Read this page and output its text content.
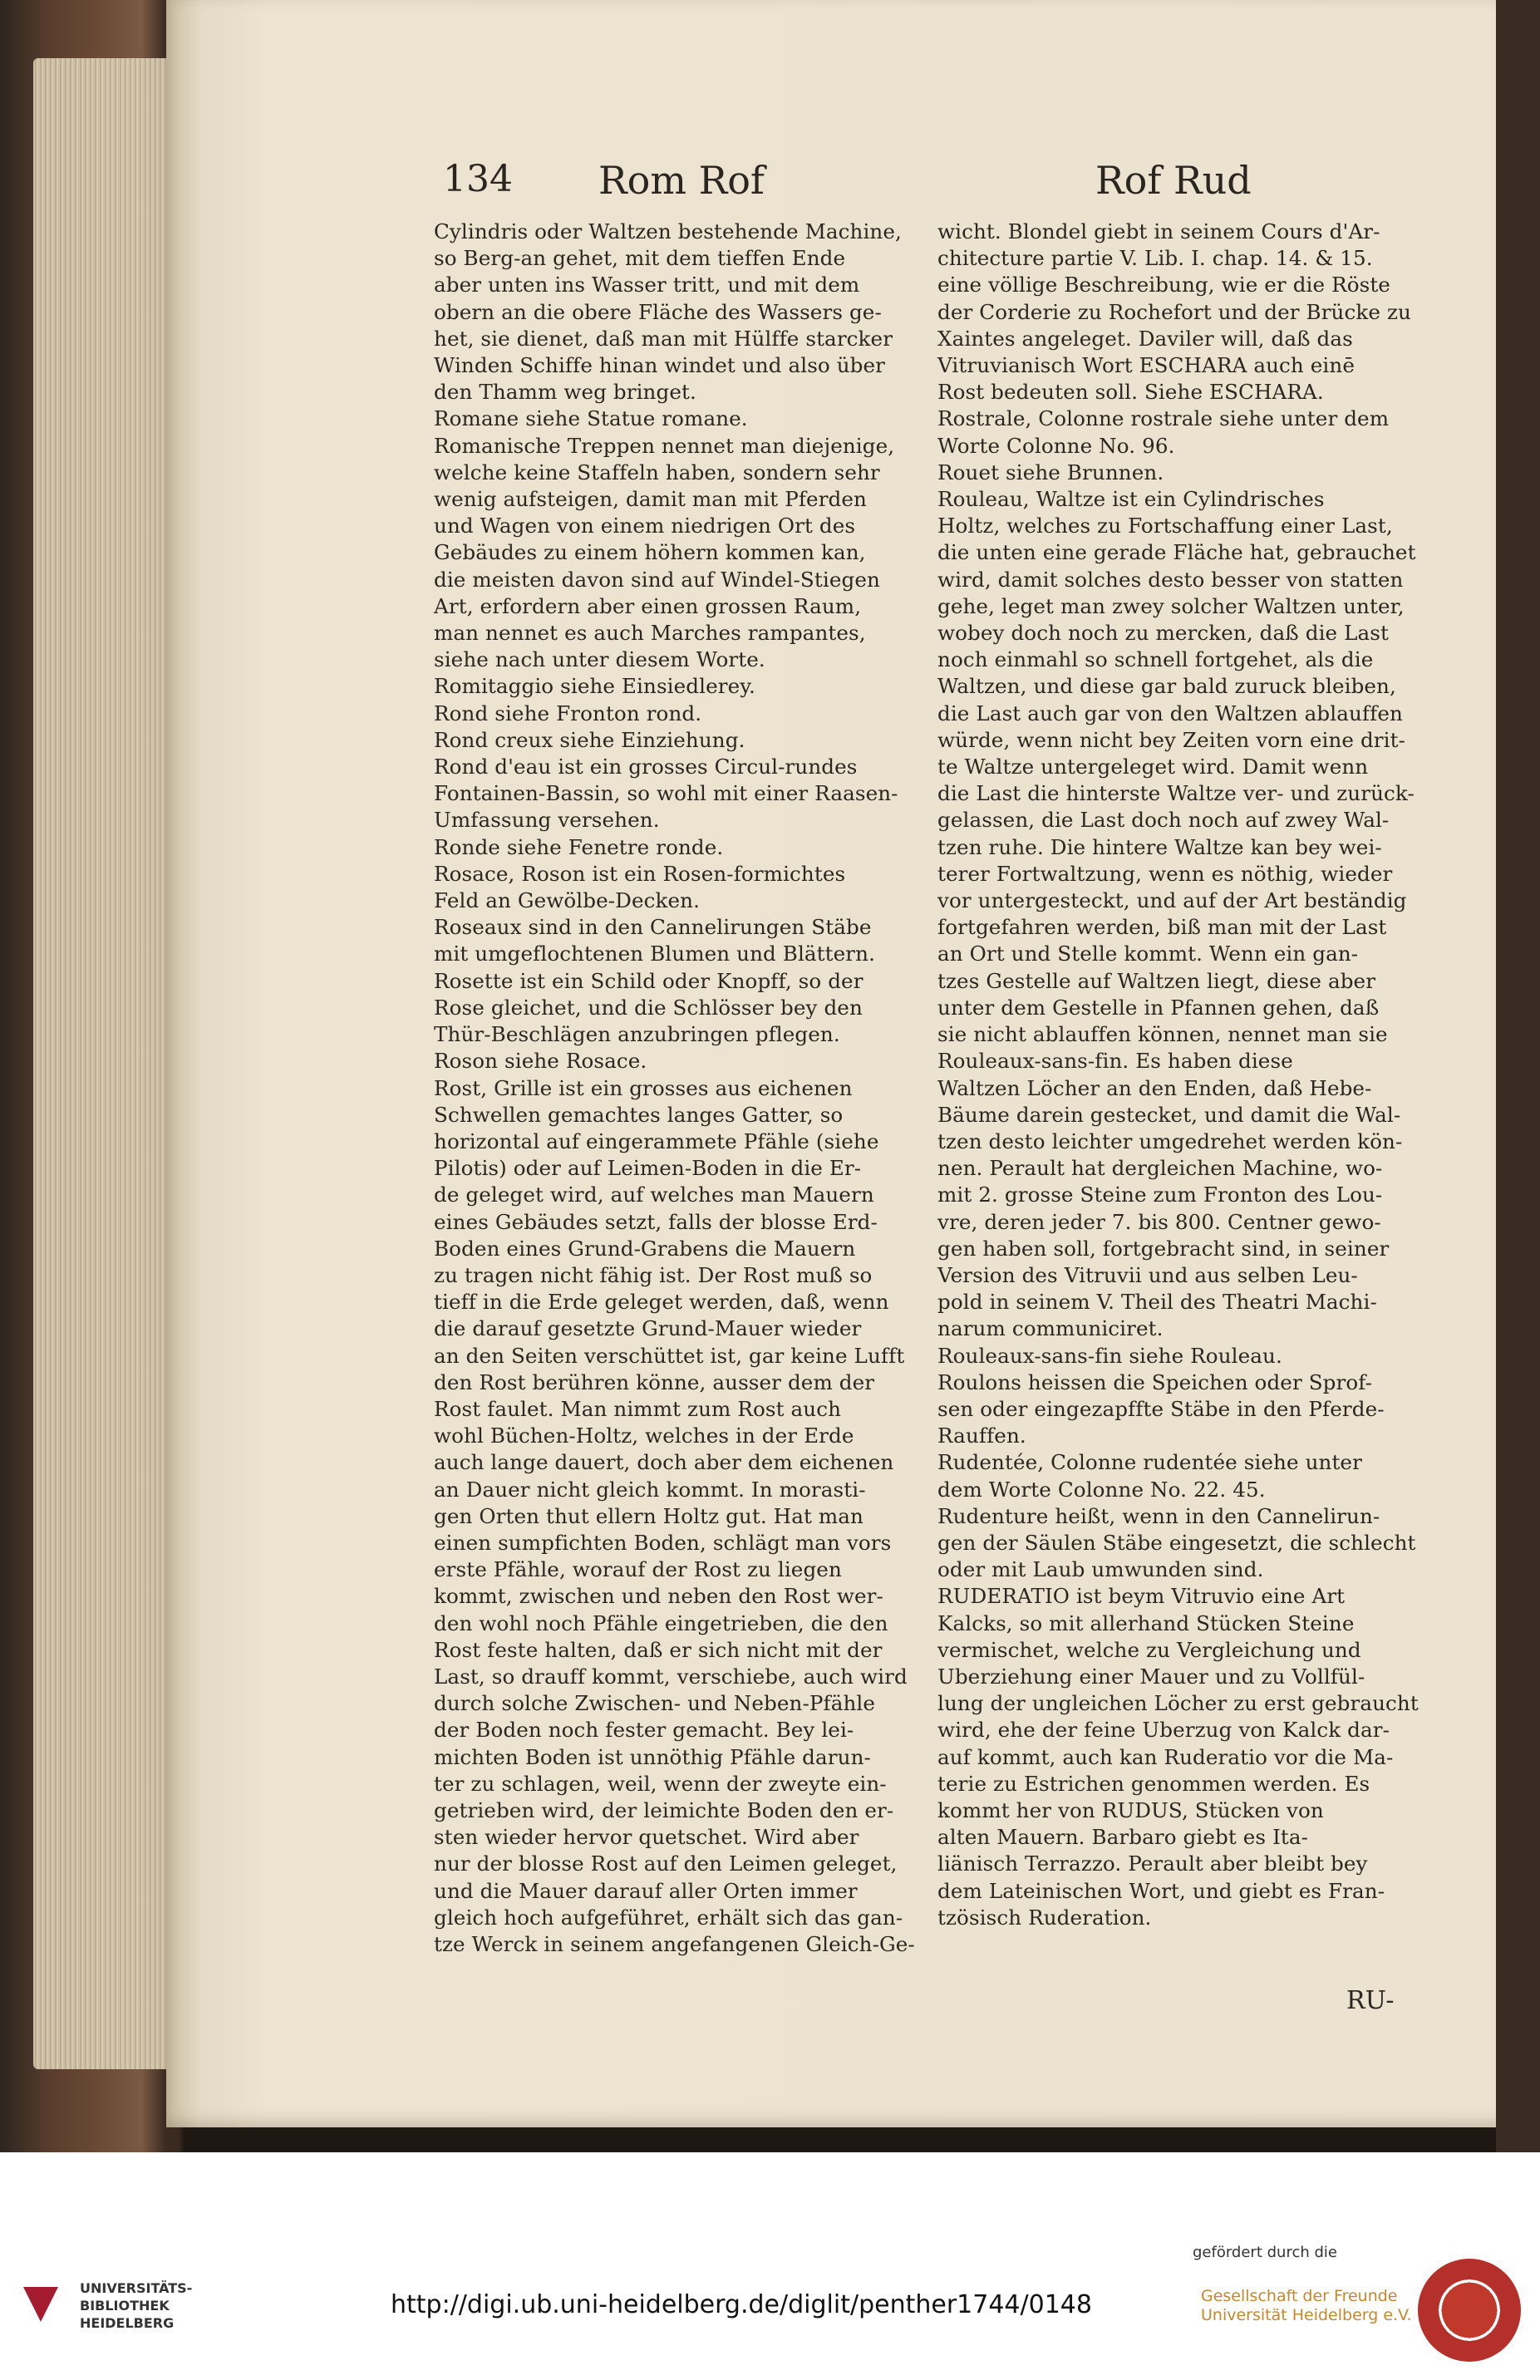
134 Rom Rof	Rof Rud

Cylindris oder Waltzen bestehende Machine,

so Berg-an gehet, mit dem tieffen Ende

aber unten ins Wasser tritt, und mit dem

obern an die obere Fläche des Wassers ge-

het, sie dienet, daß man mit Hülffe starcker

Winden Schiffe hinan windet und also über

den Thamm weg bringet.

Romane siehe Statue romane.

Romanische Treppen nennet man diejenige,

welche keine Staffeln haben, sondern sehr

wenig aufsteigen, damit man mit Pferden

und Wagen von einem niedrigen Ort des

Gebäudes zu einem höhern kommen kan,

die meisten davon sind auf Windel-Stiegen

Art, erfordern aber einen grossen Raum,

man nennet es auch Marches rampantes,

siehe nach unter diesem Worte.

Romitaggio siehe Einsiedlerey.

Rond siehe Fronton rond.

Rond creux siehe Einziehung.

Rond d'eau ist ein grosses Circul-rundes

Fontainen-Bassin, so wohl mit einer Raasen-

Umfassung versehen.

Ronde siehe Fenetre ronde.

Rosace, Roson ist ein Rosen-formichtes

Feld an Gewölbe-Decken.

Roseaux sind in den Cannelirungen Stäbe

mit umgeflochtenen Blumen und Blättern.

Rosette ist ein Schild oder Knopff, so der

Rose gleichet, und die Schlösser bey den

Thür-Beschlägen anzubringen pflegen.

Roson siehe Rosace.

Rost, Grille ist ein grosses aus eichenen

Schwellen gemachtes langes Gatter, so

horizontal auf eingerammete Pfähle (siehe

Pilotis) oder auf Leimen-Boden in die Er-

de geleget wird, auf welches man Mauern

eines Gebäudes setzt, falls der blosse Erd-

Boden eines Grund-Grabens die Mauern

zu tragen nicht fähig ist. Der Rost muß so

tieff in die Erde geleget werden, daß, wenn

die darauf gesetzte Grund-Mauer wieder

an den Seiten verschüttet ist, gar keine Lufft

den Rost berühren könne, ausser dem der

Rost faulet. Man nimmt zum Rost auch

wohl Büchen-Holtz, welches in der Erde

auch lange dauert, doch aber dem eichenen

an Dauer nicht gleich kommt. In morasti-

gen Orten thut ellern Holtz gut. Hat man

einen sumpfichten Boden, schlägt man vors

erste Pfähle, worauf der Rost zu liegen

kommt, zwischen und neben den Rost wer-

den wohl noch Pfähle eingetrieben, die den

Rost feste halten, daß er sich nicht mit der

Last, so drauff kommt, verschiebe, auch wird

durch solche Zwischen- und Neben-Pfähle

der Boden noch fester gemacht. Bey lei-

michten Boden ist unnöthig Pfähle darun-

ter zu schlagen, weil, wenn der zweyte ein-

getrieben wird, der leimichte Boden den er-

sten wieder hervor quetschet. Wird aber

nur der blosse Rost auf den Leimen geleget,

und die Mauer darauf aller Orten immer

gleich hoch aufgeführet, erhält sich das gan-

tze Werck in seinem angefangenen Gleich-Ge-

wicht. Blondel giebt in seinem Cours d'Ar-

chitecture partie V. Lib. I. chap. 14. & 15.

eine völlige Beschreibung, wie er die Röste

der Corderie zu Rochefort und der Brücke zu

Xaintes angeleget. Daviler will, daß das

Vitruvianisch Wort ESCHARA auch einē

Rost bedeuten soll. Siehe ESCHARA.

Rostrale, Colonne rostrale siehe unter dem

Worte Colonne No. 96.

Rouet siehe Brunnen.

Rouleau, Waltze ist ein Cylindrisches

Holtz, welches zu Fortschaffung einer Last,

die unten eine gerade Fläche hat, gebrauchet

wird, damit solches desto besser von statten

gehe, leget man zwey solcher Waltzen unter,

wobey doch noch zu mercken, daß die Last

noch einmahl so schnell fortgehet, als die

Waltzen, und diese gar bald zuruck bleiben,

die Last auch gar von den Waltzen ablauffen

würde, wenn nicht bey Zeiten vorn eine drit-

te Waltze untergeleget wird. Damit wenn

die Last die hinterste Waltze ver- und zurück-

gelassen, die Last doch noch auf zwey Wal-

tzen ruhe. Die hintere Waltze kan bey wei-

terer Fortwaltzung, wenn es nöthig, wieder

vor untergesteckt, und auf der Art beständig

fortgefahren werden, biß man mit der Last

an Ort und Stelle kommt. Wenn ein gan-

tzes Gestelle auf Waltzen liegt, diese aber

unter dem Gestelle in Pfannen gehen, daß

sie nicht ablauffen können, nennet man sie

Rouleaux-sans-fin. Es haben diese

Waltzen Löcher an den Enden, daß Hebe-

Bäume darein gestecket, und damit die Wal-

tzen desto leichter umgedrehet werden kön-

nen. Perault hat dergleichen Machine, wo-

mit 2. grosse Steine zum Fronton des Lou-

vre, deren jeder 7. bis 800. Centner gewo-

gen haben soll, fortgebracht sind, in seiner

Version des Vitruvii und aus selben Leu-

pold in seinem V. Theil des Theatri Machi-

narum communiciret.

Rouleaux-sans-fin siehe Rouleau.

Roulons heissen die Speichen oder Sprof-

sen oder eingezapffte Stäbe in den Pferde-

Rauffen.

Rudentée, Colonne rudentée siehe unter

dem Worte Colonne No. 22. 45.

Rudenture heißt, wenn in den Cannelirun-

gen der Säulen Stäbe eingesetzt, die schlecht

oder mit Laub umwunden sind.

RUDERATIO ist beym Vitruvio eine Art

Kalcks, so mit allerhand Stücken Steine

vermischet, welche zu Vergleichung und

Uberziehung einer Mauer und zu Vollfül-

lung der ungleichen Löcher zu erst gebraucht

wird, ehe der feine Uberzug von Kalck dar-

auf kommt, auch kan Ruderatio vor die Ma-

terie zu Estrichen genommen werden. Es

kommt her von RUDUS, Stücken von

alten Mauern. Barbaro giebt es Ita-

liänisch Terrazzo. Perault aber bleibt bey

dem Lateinischen Wort, und giebt es Fran-

tzösisch Ruderation.

RU-
UNIVERSITÄTS-
BIBLIOTHEK
HEIDELBERG
http://digi.ub.uni-heidelberg.de/diglit/penther1744/0148
gefördert durch die
Gesellschaft der Freunde
Universität Heidelberg e.V.
